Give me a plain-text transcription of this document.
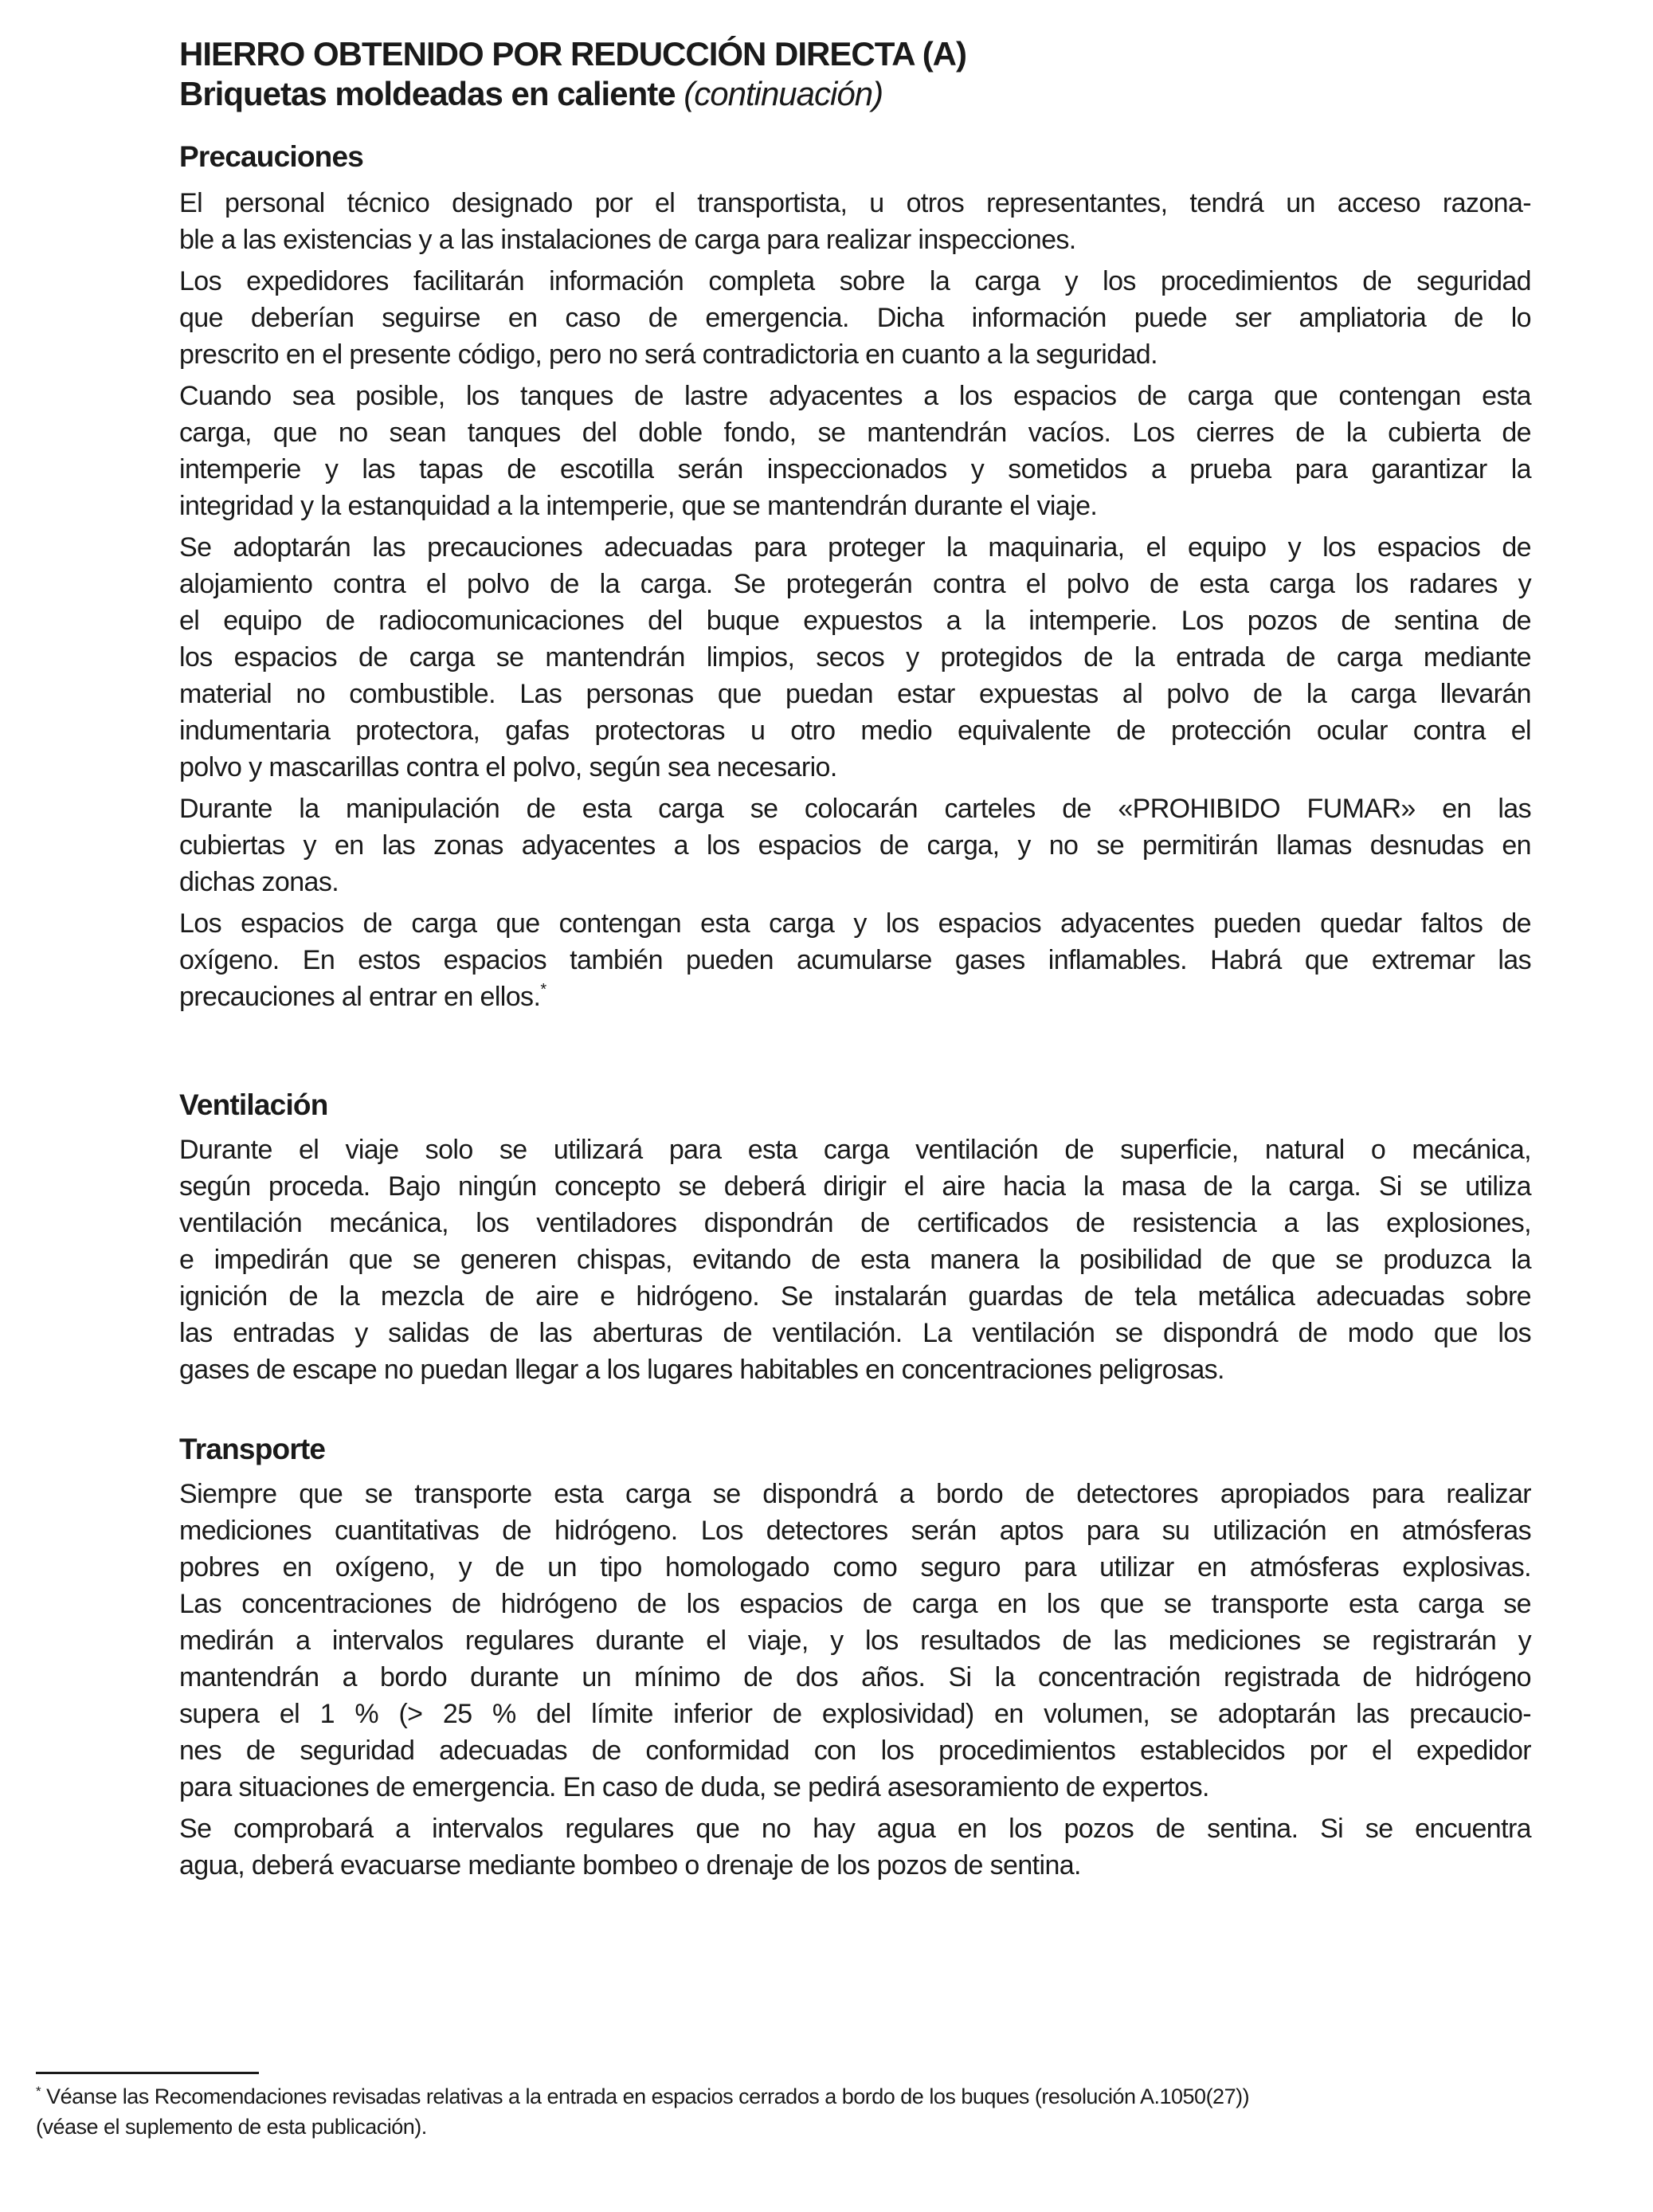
HIERRO OBTENIDO POR REDUCCIÓN DIRECTA (A)
Briquetas moldeadas en caliente (continuación)
Precauciones
El personal técnico designado por el transportista, u otros representantes, tendrá un acceso razona-
ble a las existencias y a las instalaciones de carga para realizar inspecciones.
Los expedidores facilitarán información completa sobre la carga y los procedimientos de seguridad
que deberían seguirse en caso de emergencia. Dicha información puede ser ampliatoria de lo
prescrito en el presente código, pero no será contradictoria en cuanto a la seguridad.
Cuando sea posible, los tanques de lastre adyacentes a los espacios de carga que contengan esta
carga, que no sean tanques del doble fondo, se mantendrán vacíos. Los cierres de la cubierta de
intemperie y las tapas de escotilla serán inspeccionados y sometidos a prueba para garantizar la
integridad y la estanquidad a la intemperie, que se mantendrán durante el viaje.
Se adoptarán las precauciones adecuadas para proteger la maquinaria, el equipo y los espacios de
alojamiento contra el polvo de la carga. Se protegerán contra el polvo de esta carga los radares y
el equipo de radiocomunicaciones del buque expuestos a la intemperie. Los pozos de sentina de
los espacios de carga se mantendrán limpios, secos y protegidos de la entrada de carga mediante
material no combustible. Las personas que puedan estar expuestas al polvo de la carga llevarán
indumentaria protectora, gafas protectoras u otro medio equivalente de protección ocular contra el
polvo y mascarillas contra el polvo, según sea necesario.
Durante la manipulación de esta carga se colocarán carteles de «PROHIBIDO FUMAR» en las
cubiertas y en las zonas adyacentes a los espacios de carga, y no se permitirán llamas desnudas en
dichas zonas.
Los espacios de carga que contengan esta carga y los espacios adyacentes pueden quedar faltos de
oxígeno. En estos espacios también pueden acumularse gases inflamables. Habrá que extremar las
precauciones al entrar en ellos.*
Ventilación
Durante el viaje solo se utilizará para esta carga ventilación de superficie, natural o mecánica,
según proceda. Bajo ningún concepto se deberá dirigir el aire hacia la masa de la carga. Si se utiliza
ventilación mecánica, los ventiladores dispondrán de certificados de resistencia a las explosiones,
e impedirán que se generen chispas, evitando de esta manera la posibilidad de que se produzca la
ignición de la mezcla de aire e hidrógeno. Se instalarán guardas de tela metálica adecuadas sobre
las entradas y salidas de las aberturas de ventilación. La ventilación se dispondrá de modo que los
gases de escape no puedan llegar a los lugares habitables en concentraciones peligrosas.
Transporte
Siempre que se transporte esta carga se dispondrá a bordo de detectores apropiados para realizar
mediciones cuantitativas de hidrógeno. Los detectores serán aptos para su utilización en atmósferas
pobres en oxígeno, y de un tipo homologado como seguro para utilizar en atmósferas explosivas.
Las concentraciones de hidrógeno de los espacios de carga en los que se transporte esta carga se
medirán a intervalos regulares durante el viaje, y los resultados de las mediciones se registrarán y
mantendrán a bordo durante un mínimo de dos años. Si la concentración registrada de hidrógeno
supera el 1 % (> 25 % del límite inferior de explosividad) en volumen, se adoptarán las precaucio-
nes de seguridad adecuadas de conformidad con los procedimientos establecidos por el expedidor
para situaciones de emergencia. En caso de duda, se pedirá asesoramiento de expertos.
Se comprobará a intervalos regulares que no hay agua en los pozos de sentina. Si se encuentra
agua, deberá evacuarse mediante bombeo o drenaje de los pozos de sentina.
* Véanse las Recomendaciones revisadas relativas a la entrada en espacios cerrados a bordo de los buques (resolución A.1050(27))
(véase el suplemento de esta publicación).
